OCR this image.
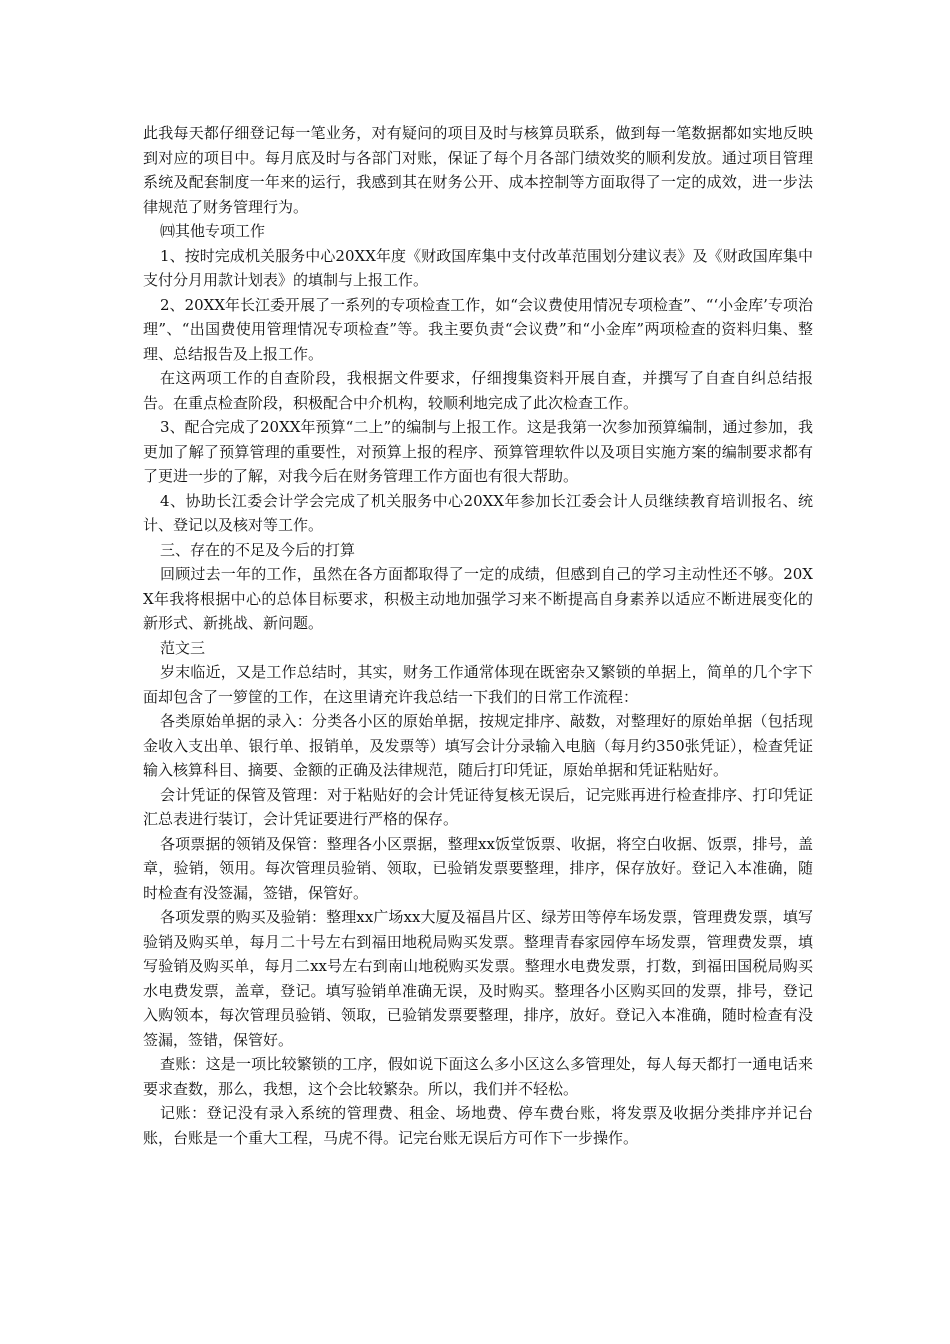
此我每天都仔细登记每一笔业务，对有疑问的项目及时与核算员联系，做到每一笔数据都如实地反映到对应的项目中。每月底及时与各部门对账，保证了每个月各部门绩效奖的顺利发放。通过项目管理系统及配套制度一年来的运行，我感到其在财务公开、成本控制等方面取得了一定的成效，进一步法律规范了财务管理行为。

㈣其他专项工作

1、按时完成机关服务中心20XX年度《财政国库集中支付改革范围划分建议表》及《财政国库集中支付分月用款计划表》的填制与上报工作。

2、20XX年长江委开展了一系列的专项检查工作，如“会议费使用情况专项检查”、“‘小金库’专项治理”、“出国费使用管理情况专项检查”等。我主要负责“会议费”和“小金库”两项检查的资料归集、整理、总结报告及上报工作。

在这两项工作的自查阶段，我根据文件要求，仔细搜集资料开展自查，并撰写了自查自纠总结报告。在重点检查阶段，积极配合中介机构，较顺利地完成了此次检查工作。

3、配合完成了20XX年预算“二上”的编制与上报工作。这是我第一次参加预算编制，通过参加，我更加了解了预算管理的重要性，对预算上报的程序、预算管理软件以及项目实施方案的编制要求都有了更进一步的了解，对我今后在财务管理工作方面也有很大帮助。

4、协助长江委会计学会完成了机关服务中心20XX年参加长江委会计人员继续教育培训报名、统计、登记以及核对等工作。

三、存在的不足及今后的打算

回顾过去一年的工作，虽然在各方面都取得了一定的成绩，但感到自己的学习主动性还不够。20XX年我将根据中心的总体目标要求，积极主动地加强学习来不断提高自身素养以适应不断进展变化的新形式、新挑战、新问题。

范文三

岁末临近，又是工作总结时，其实，财务工作通常体现在既密杂又繁锁的单据上，简单的几个字下面却包含了一箩筐的工作，在这里请充许我总结一下我们的日常工作流程：

各类原始单据的录入：分类各小区的原始单据，按规定排序、敲数，对整理好的原始单据（包括现金收入支出单、银行单、报销单，及发票等）填写会计分录输入电脑（每月约350张凭证），检查凭证输入核算科目、摘要、金额的正确及法律规范，随后打印凭证，原始单据和凭证粘贴好。

会计凭证的保管及管理：对于粘贴好的会计凭证待复核无误后，记完账再进行检查排序、打印凭证汇总表进行装订，会计凭证要进行严格的保存。

各项票据的领销及保管：整理各小区票据，整理xx饭堂饭票、收据，将空白收据、饭票，排号，盖章，验销，领用。每次管理员验销、领取，已验销发票要整理，排序，保存放好。登记入本准确，随时检查有没签漏，签错，保管好。

各项发票的购买及验销：整理xx广场xx大厦及福昌片区、绿芳田等停车场发票，管理费发票，填写验销及购买单，每月二十号左右到福田地税局购买发票。整理青春家园停车场发票，管理费发票，填写验销及购买单，每月二xx号左右到南山地税购买发票。整理水电费发票，打数，到福田国税局购买水电费发票，盖章，登记。填写验销单准确无误，及时购买。整理各小区购买回的发票，排号，登记入购领本，每次管理员验销、领取，已验销发票要整理，排序，放好。登记入本准确，随时检查有没签漏，签错，保管好。

查账：这是一项比较繁锁的工序，假如说下面这么多小区这么多管理处，每人每天都打一通电话来要求查数，那么，我想，这个会比较繁杂。所以，我们并不轻松。

记账：登记没有录入系统的管理费、租金、场地费、停车费台账，将发票及收据分类排序并记台账，台账是一个重大工程，马虎不得。记完台账无误后方可作下一步操作。
